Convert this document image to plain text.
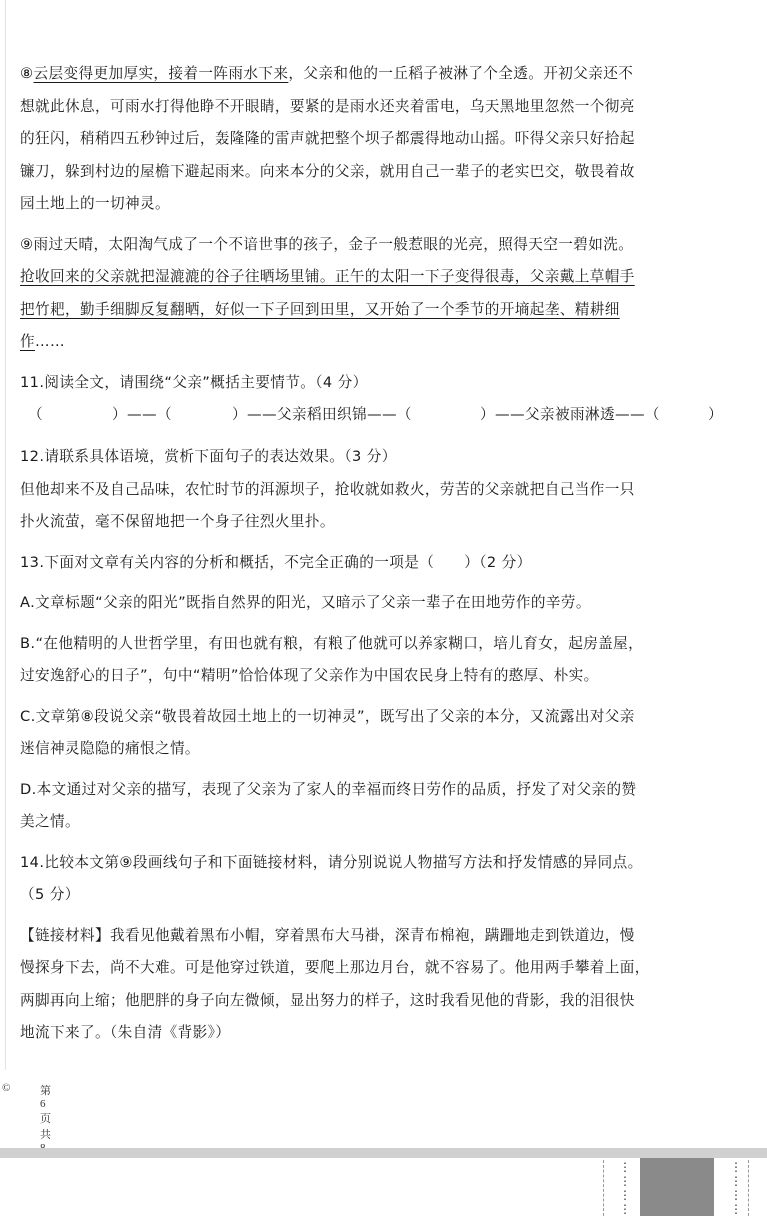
⑧云层变得更加厚实，接着一阵雨水下来，父亲和他的一丘稻子被淋了个全透。开初父亲还不

想就此休息，可雨水打得他睁不开眼睛，要紧的是雨水还夹着雷电，乌天黑地里忽然一个彻亮

的狂闪，稍稍四五秒钟过后，轰隆隆的雷声就把整个坝子都震得地动山摇。吓得父亲只好拾起

镰刀，躲到村边的屋檐下避起雨来。向来本分的父亲，就用自己一辈子的老实巴交，敬畏着故

园土地上的一切神灵。

⑨雨过天晴，太阳淘气成了一个不谙世事的孩子，金子一般惹眼的光亮，照得天空一碧如洗。

抢收回来的父亲就把湿漉漉的谷子往晒场里铺。正午的太阳一下子变得很毒，父亲戴上草帽手

把竹耙，勤手细脚反复翻晒，好似一下子回到田里，又开始了一个季节的开墒起垄、精耕细

作……

11.阅读全文，请围绕“父亲”概括主要情节。（4 分）

（	）——（	）——父亲稻田织锦——（	）——父亲被雨淋透——（	）

12.请联系具体语境，赏析下面句子的表达效果。（3 分）

但他却来不及自己品味，农忙时节的洱源坝子，抢收就如救火，劳苦的父亲就把自己当作一只

扑火流萤，毫不保留地把一个身子往烈火里扑。

13.下面对文章有关内容的分析和概括，不完全正确的一项是（　　）（2 分）

A.文章标题“父亲的阳光”既指自然界的阳光，又暗示了父亲一辈子在田地劳作的辛劳。

B.“在他精明的人世哲学里，有田也就有粮，有粮了他就可以养家糊口，培儿育女，起房盖屋，

过安逸舒心的日子”，句中“精明”恰恰体现了父亲作为中国农民身上特有的憨厚、朴实。

C.文章第⑧段说父亲“敬畏着故园土地上的一切神灵”，既写出了父亲的本分，又流露出对父亲

迷信神灵隐隐的痛恨之情。

D.本文通过对父亲的描写，表现了父亲为了家人的幸福而终日劳作的品质，抒发了对父亲的赞

美之情。

14.比较本文第⑨段画线句子和下面链接材料，请分别说说人物描写方法和抒发情感的异同点。

（5 分）

【链接材料】我看见他戴着黑布小帽，穿着黑布大马褂，深青布棉袍，蹒跚地走到铁道边，慢

慢探身下去，尚不大难。可是他穿过铁道，要爬上那边月台，就不容易了。他用两手攀着上面，

两脚再向上缩；他肥胖的身子向左微倾，显出努力的样子，这时我看见他的背影，我的泪很快

地流下来了。（朱自清《背影》）

©	第 6页 共
⋮
⋮
⋮
⋮
⋮
⋮
⋮
⋮
